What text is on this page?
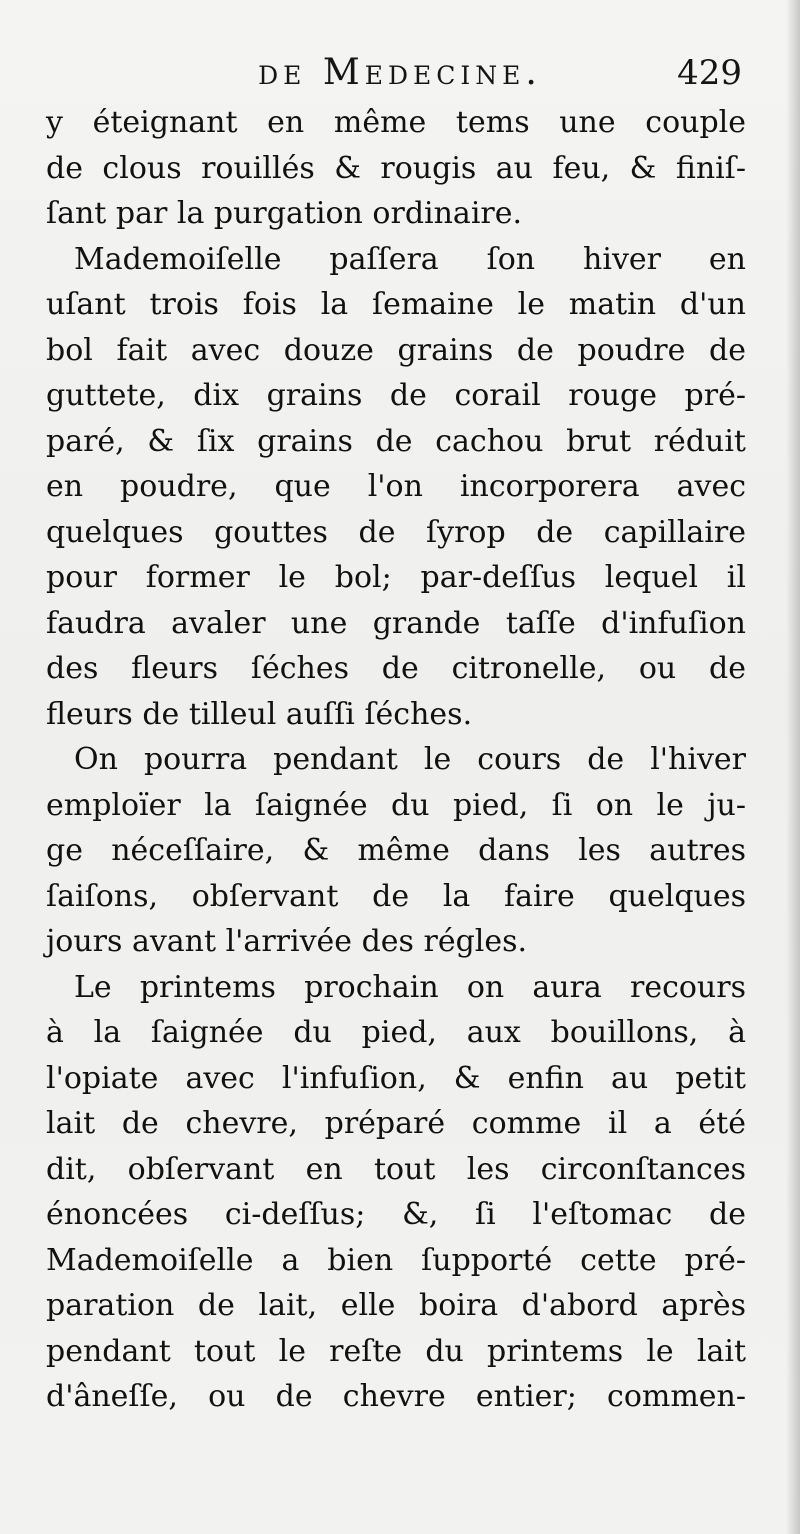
de Medecine.	429
y éteignant en même tems une couple
de clous rouillés & rougis au feu, & finiſ-
ſant par la purgation ordinaire.
Mademoiſelle paſſera ſon hiver en
uſant trois fois la ſemaine le matin d'un
bol fait avec douze grains de poudre de
guttete, dix grains de corail rouge pré-
paré, & ſix grains de cachou brut réduit
en poudre, que l'on incorporera avec
quelques gouttes de ſyrop de capillaire
pour former le bol; par-deſſus lequel il
faudra avaler une grande taſſe d'infuſion
des fleurs ſéches de citronelle, ou de
fleurs de tilleul auſſi ſéches.
On pourra pendant le cours de l'hiver
emploïer la ſaignée du pied, ſi on le ju-
ge néceſſaire, & même dans les autres
ſaiſons, obſervant de la faire quelques
jours avant l'arrivée des régles.
Le printems prochain on aura recours
à la ſaignée du pied, aux bouillons, à
l'opiate avec l'infuſion, & enfin au petit
lait de chevre, préparé comme il a été
dit, obſervant en tout les circonſtances
énoncées ci-deſſus; &, ſi l'eſtomac de
Mademoiſelle a bien ſupporté cette pré-
paration de lait, elle boira d'abord après
pendant tout le reſte du printems le lait
d'âneſſe, ou de chevre entier; commen-
